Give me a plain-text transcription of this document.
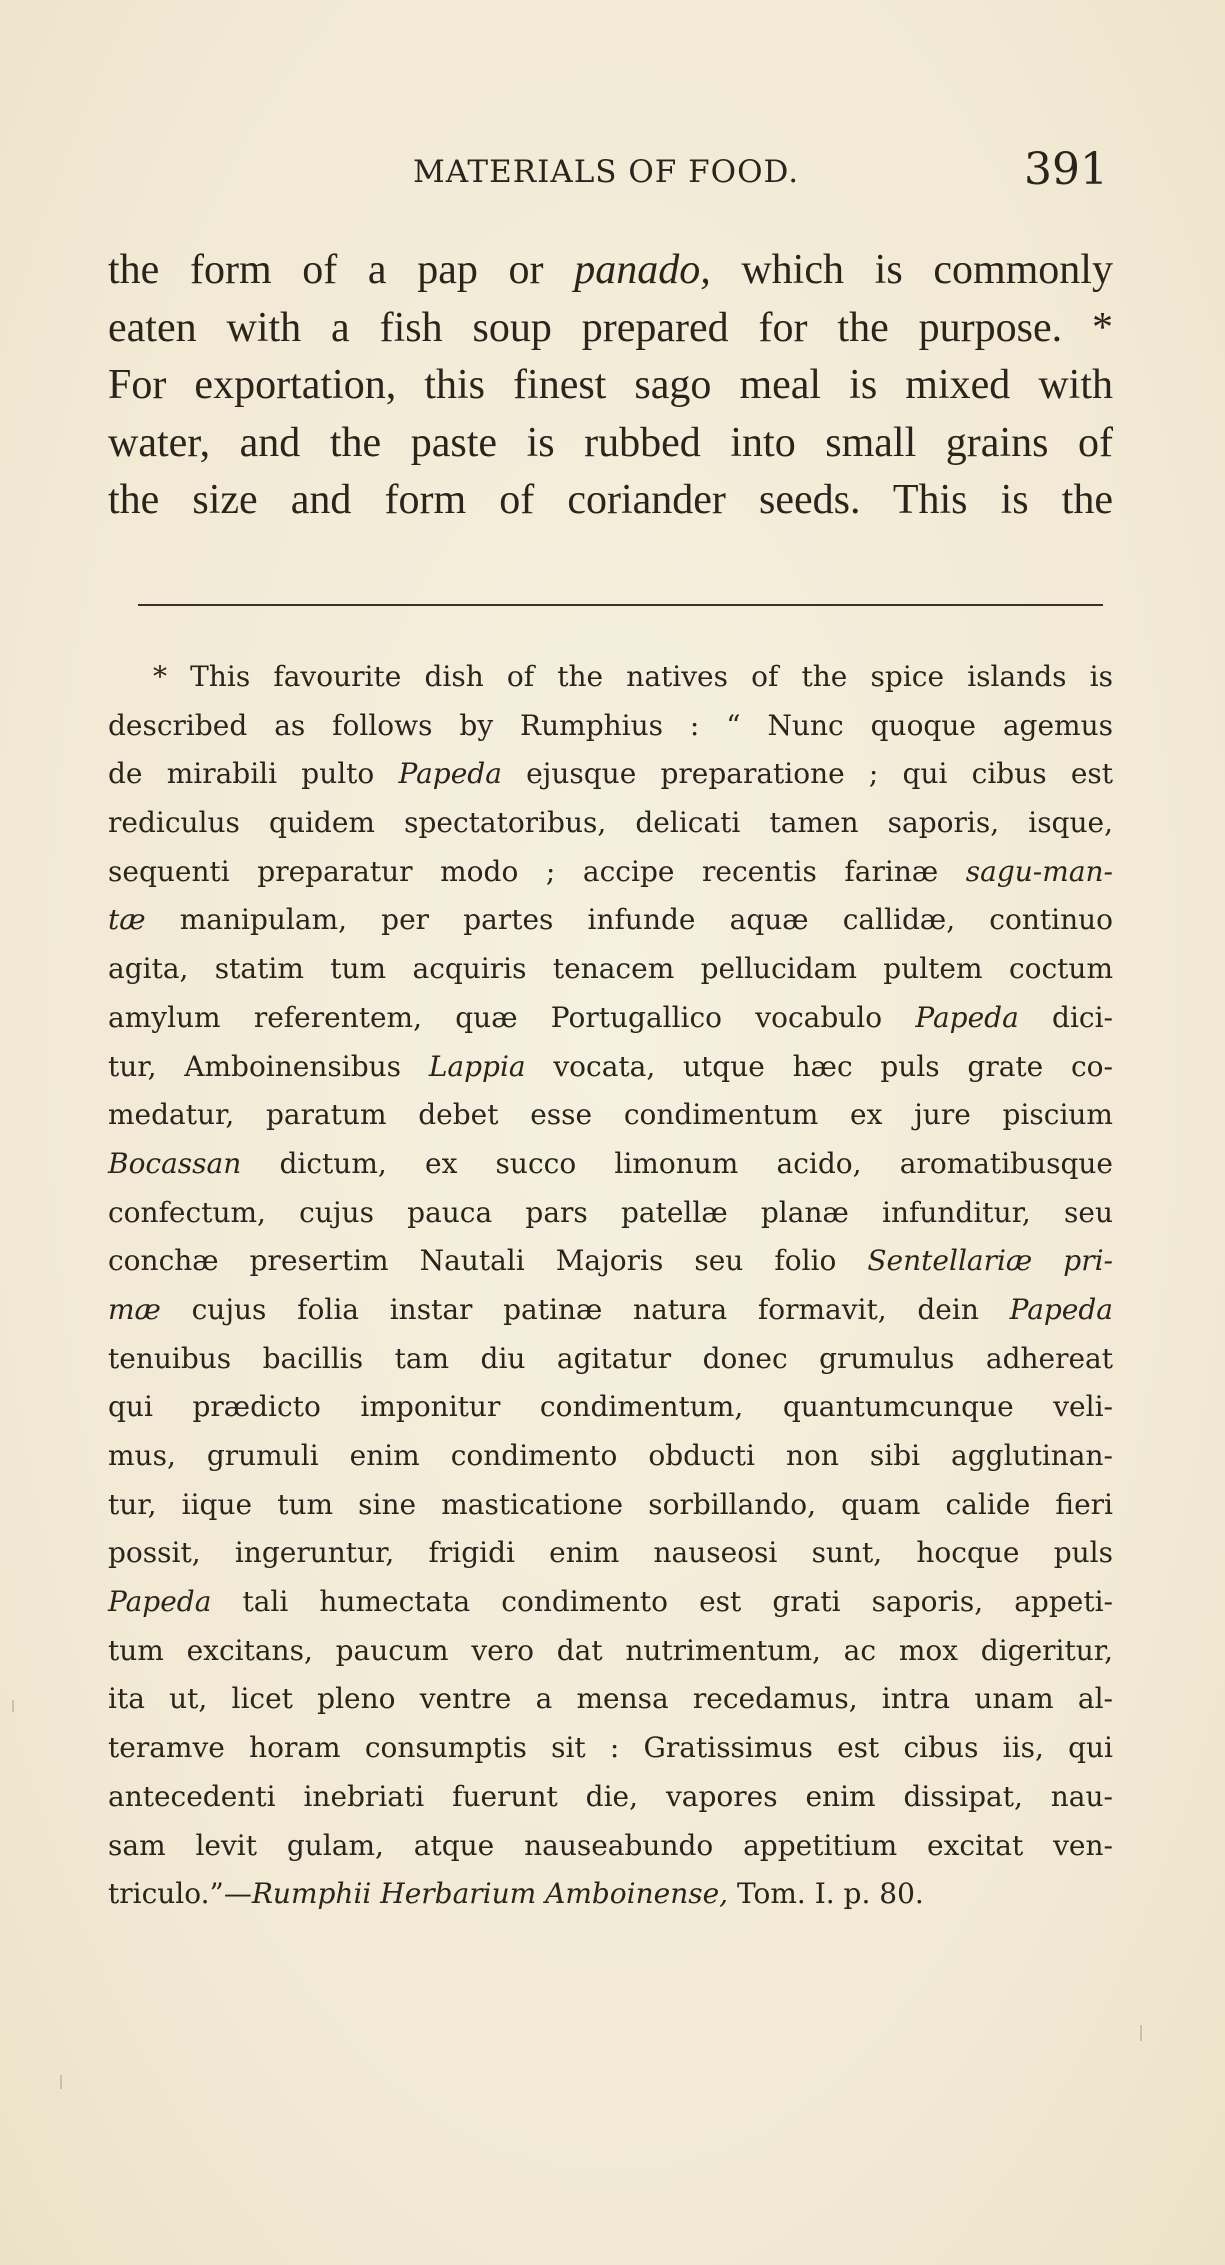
MATERIALS OF FOOD.	391
the form of a pap or panado, which is commonly
eaten with a fish soup prepared for the purpose. *
For exportation, this finest sago meal is mixed with
water, and the paste is rubbed into small grains of
the size and form of coriander seeds. This is the
* This favourite dish of the natives of the spice islands is
described as follows by Rumphius : “ Nunc quoque agemus
de mirabili pulto Papeda ejusque preparatione ; qui cibus est
rediculus quidem spectatoribus, delicati tamen saporis, isque,
sequenti preparatur modo ; accipe recentis farinæ sagu-man-
tæ manipulam, per partes infunde aquæ callidæ, continuo
agita, statim tum acquiris tenacem pellucidam pultem coctum
amylum referentem, quæ Portugallico vocabulo Papeda dici-
tur, Amboinensibus Lappia vocata, utque hæc puls grate co-
medatur, paratum debet esse condimentum ex jure piscium
Bocassan dictum, ex succo limonum acido, aromatibusque
confectum, cujus pauca pars patellæ planæ infunditur, seu
conchæ presertim Nautali Majoris seu folio Sentellariæ pri-
mæ cujus folia instar patinæ natura formavit, dein Papeda
tenuibus bacillis tam diu agitatur donec grumulus adhereat
qui prædicto imponitur condimentum, quantumcunque veli-
mus, grumuli enim condimento obducti non sibi agglutinan-
tur, iique tum sine masticatione sorbillando, quam calide fieri
possit, ingeruntur, frigidi enim nauseosi sunt, hocque puls
Papeda tali humectata condimento est grati saporis, appeti-
tum excitans, paucum vero dat nutrimentum, ac mox digeritur,
ita ut, licet pleno ventre a mensa recedamus, intra unam al-
teramve horam consumptis sit : Gratissimus est cibus iis, qui
antecedenti inebriati fuerunt die, vapores enim dissipat, nau-
sam levit gulam, atque nauseabundo appetitium excitat ven-
triculo.”—Rumphii Herbarium Amboinense, Tom. I. p. 80.
